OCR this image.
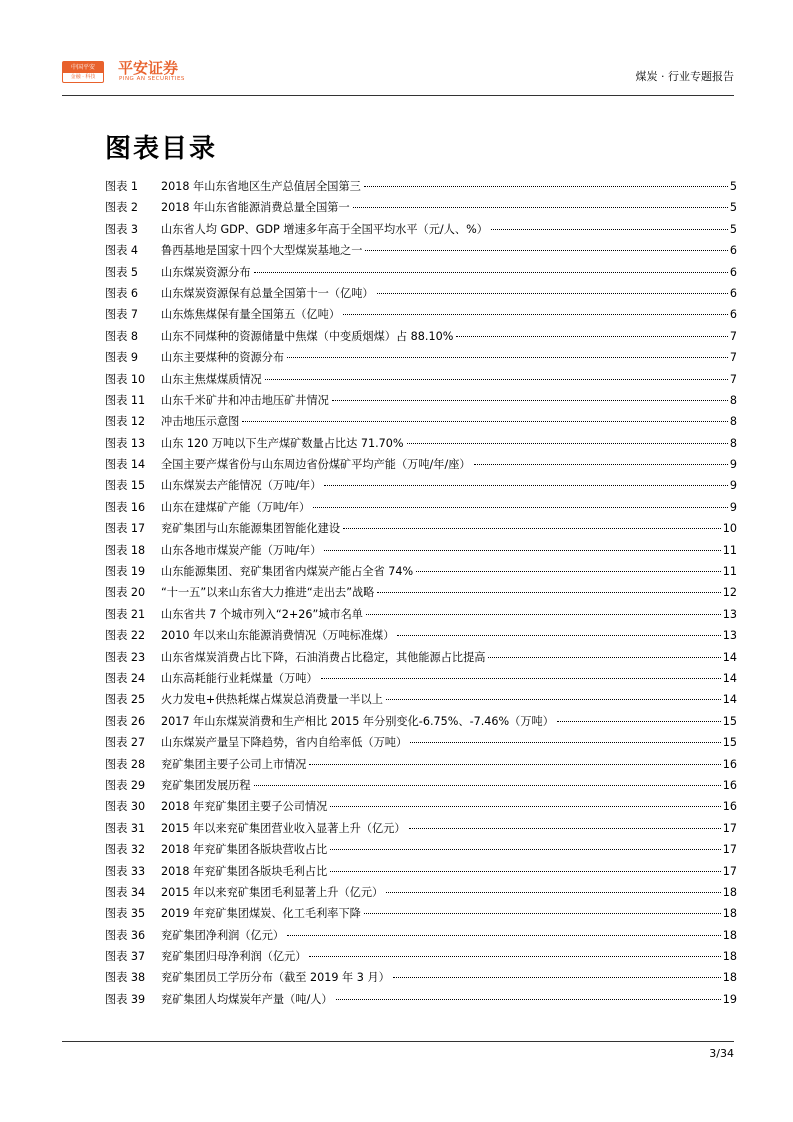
中国平安
金融 · 科技	平安证券
PING AN SECURITIES	煤炭 · 行业专题报告
图表目录
图表 1	2018 年山东省地区生产总值居全国第三	5
图表 2	2018 年山东省能源消费总量全国第一	5
图表 3	山东省人均 GDP、GDP 增速多年高于全国平均水平（元/人、%）	5
图表 4	鲁西基地是国家十四个大型煤炭基地之一	6
图表 5	山东煤炭资源分布	6
图表 6	山东煤炭资源保有总量全国第十一（亿吨）	6
图表 7	山东炼焦煤保有量全国第五（亿吨）	6
图表 8	山东不同煤种的资源储量中焦煤（中变质烟煤）占 88.10%	7
图表 9	山东主要煤种的资源分布	7
图表 10	山东主焦煤煤质情况	7
图表 11	山东千米矿井和冲击地压矿井情况	8
图表 12	冲击地压示意图	8
图表 13	山东 120 万吨以下生产煤矿数量占比达 71.70%	8
图表 14	全国主要产煤省份与山东周边省份煤矿平均产能（万吨/年/座）	9
图表 15	山东煤炭去产能情况（万吨/年）	9
图表 16	山东在建煤矿产能（万吨/年）	9
图表 17	兖矿集团与山东能源集团智能化建设	10
图表 18	山东各地市煤炭产能（万吨/年）	11
图表 19	山东能源集团、兖矿集团省内煤炭产能占全省 74%	11
图表 20	“十一五”以来山东省大力推进“走出去”战略	12
图表 21	山东省共 7 个城市列入“2+26”城市名单	13
图表 22	2010 年以来山东能源消费情况（万吨标准煤）	13
图表 23	山东省煤炭消费占比下降，石油消费占比稳定，其他能源占比提高	14
图表 24	山东高耗能行业耗煤量（万吨）	14
图表 25	火力发电+供热耗煤占煤炭总消费量一半以上	14
图表 26	2017 年山东煤炭消费和生产相比 2015 年分别变化-6.75%、-7.46%（万吨）	15
图表 27	山东煤炭产量呈下降趋势，省内自给率低（万吨）	15
图表 28	兖矿集团主要子公司上市情况	16
图表 29	兖矿集团发展历程	16
图表 30	2018 年兖矿集团主要子公司情况	16
图表 31	2015 年以来兖矿集团营业收入显著上升（亿元）	17
图表 32	2018 年兖矿集团各版块营收占比	17
图表 33	2018 年兖矿集团各版块毛利占比	17
图表 34	2015 年以来兖矿集团毛利显著上升（亿元）	18
图表 35	2019 年兖矿集团煤炭、化工毛利率下降	18
图表 36	兖矿集团净利润（亿元）	18
图表 37	兖矿集团归母净利润（亿元）	18
图表 38	兖矿集团员工学历分布（截至 2019 年 3 月）	18
图表 39	兖矿集团人均煤炭年产量（吨/人）	19
3/34
